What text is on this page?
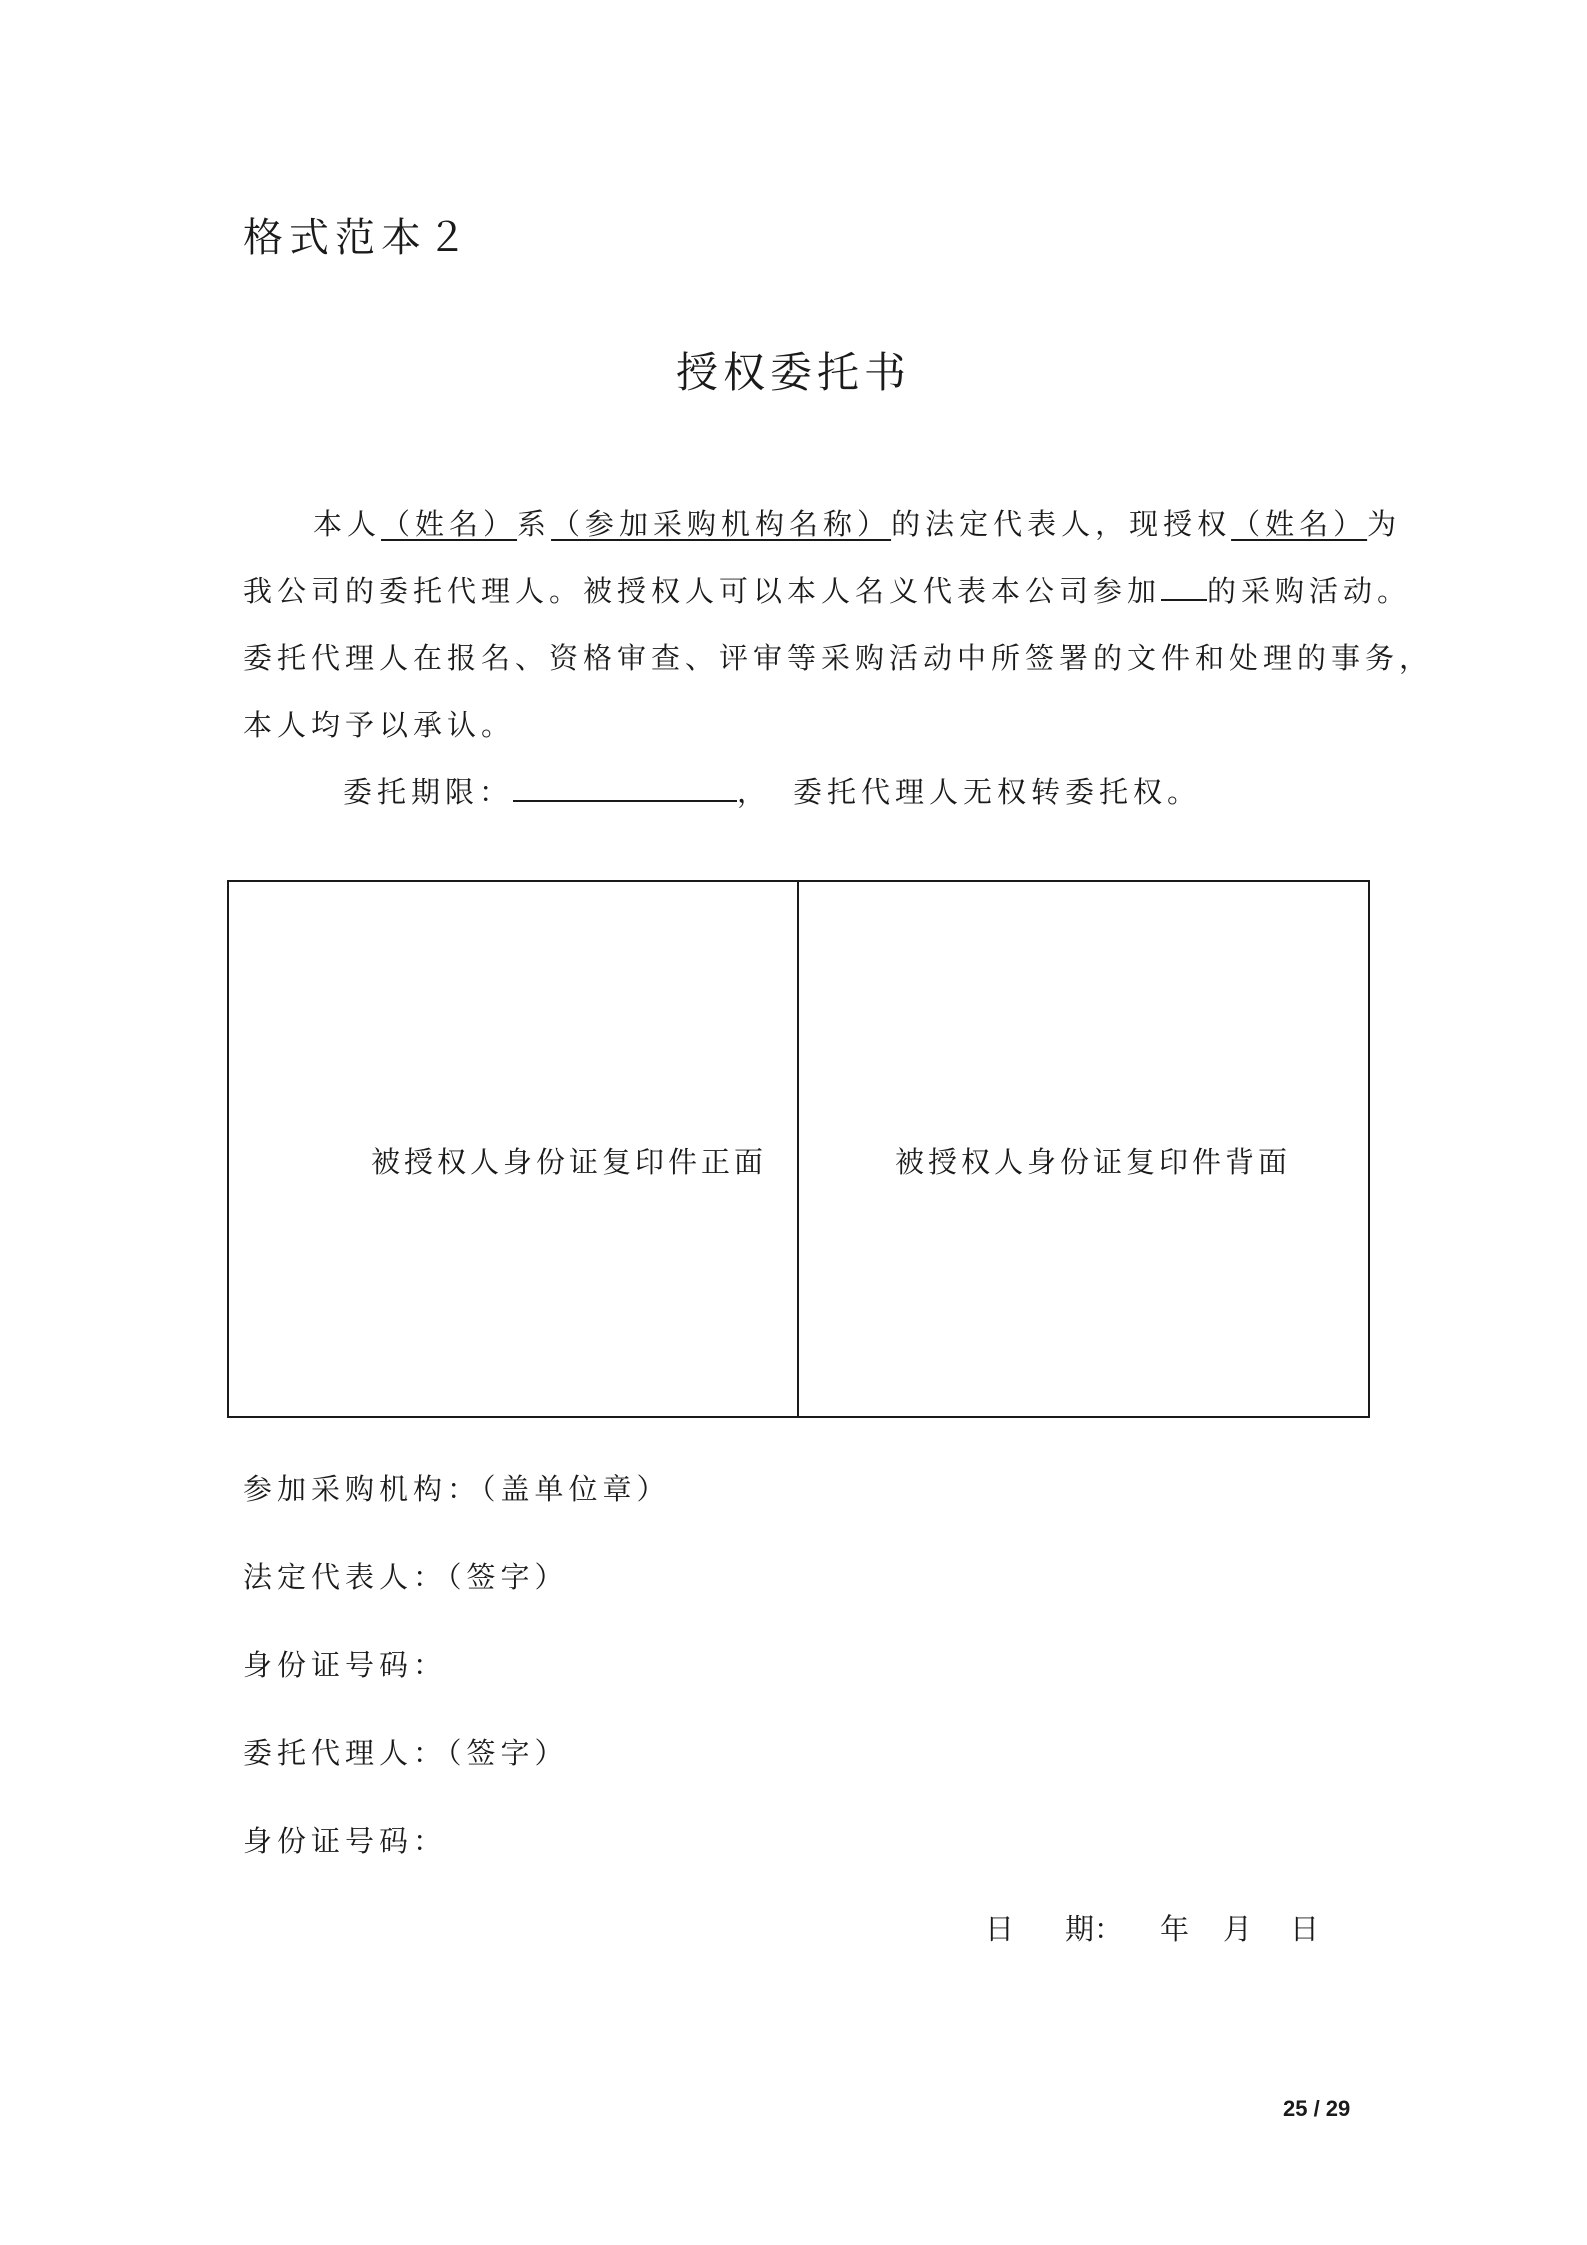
格式范本２
授权委托书
本人（姓名）系（参加采购机构名称）的法定代表人，现授权（姓名）为
我公司的委托代理人。被授权人可以本人名义代表本公司参加 的采购活动。
委托代理人在报名、资格审查、评审等采购活动中所签署的文件和处理的事务，
本人均予以承认。
委托期限：	， 委托代理人无权转委托权。
被授权人身份证复印件正面	被授权人身份证复印件背面
参加采购机构：（盖单位章）
法定代表人：（签字）
身份证号码：
委托代理人：（签字）
身份证号码：
日 期： 年 月 日
25 / 29
